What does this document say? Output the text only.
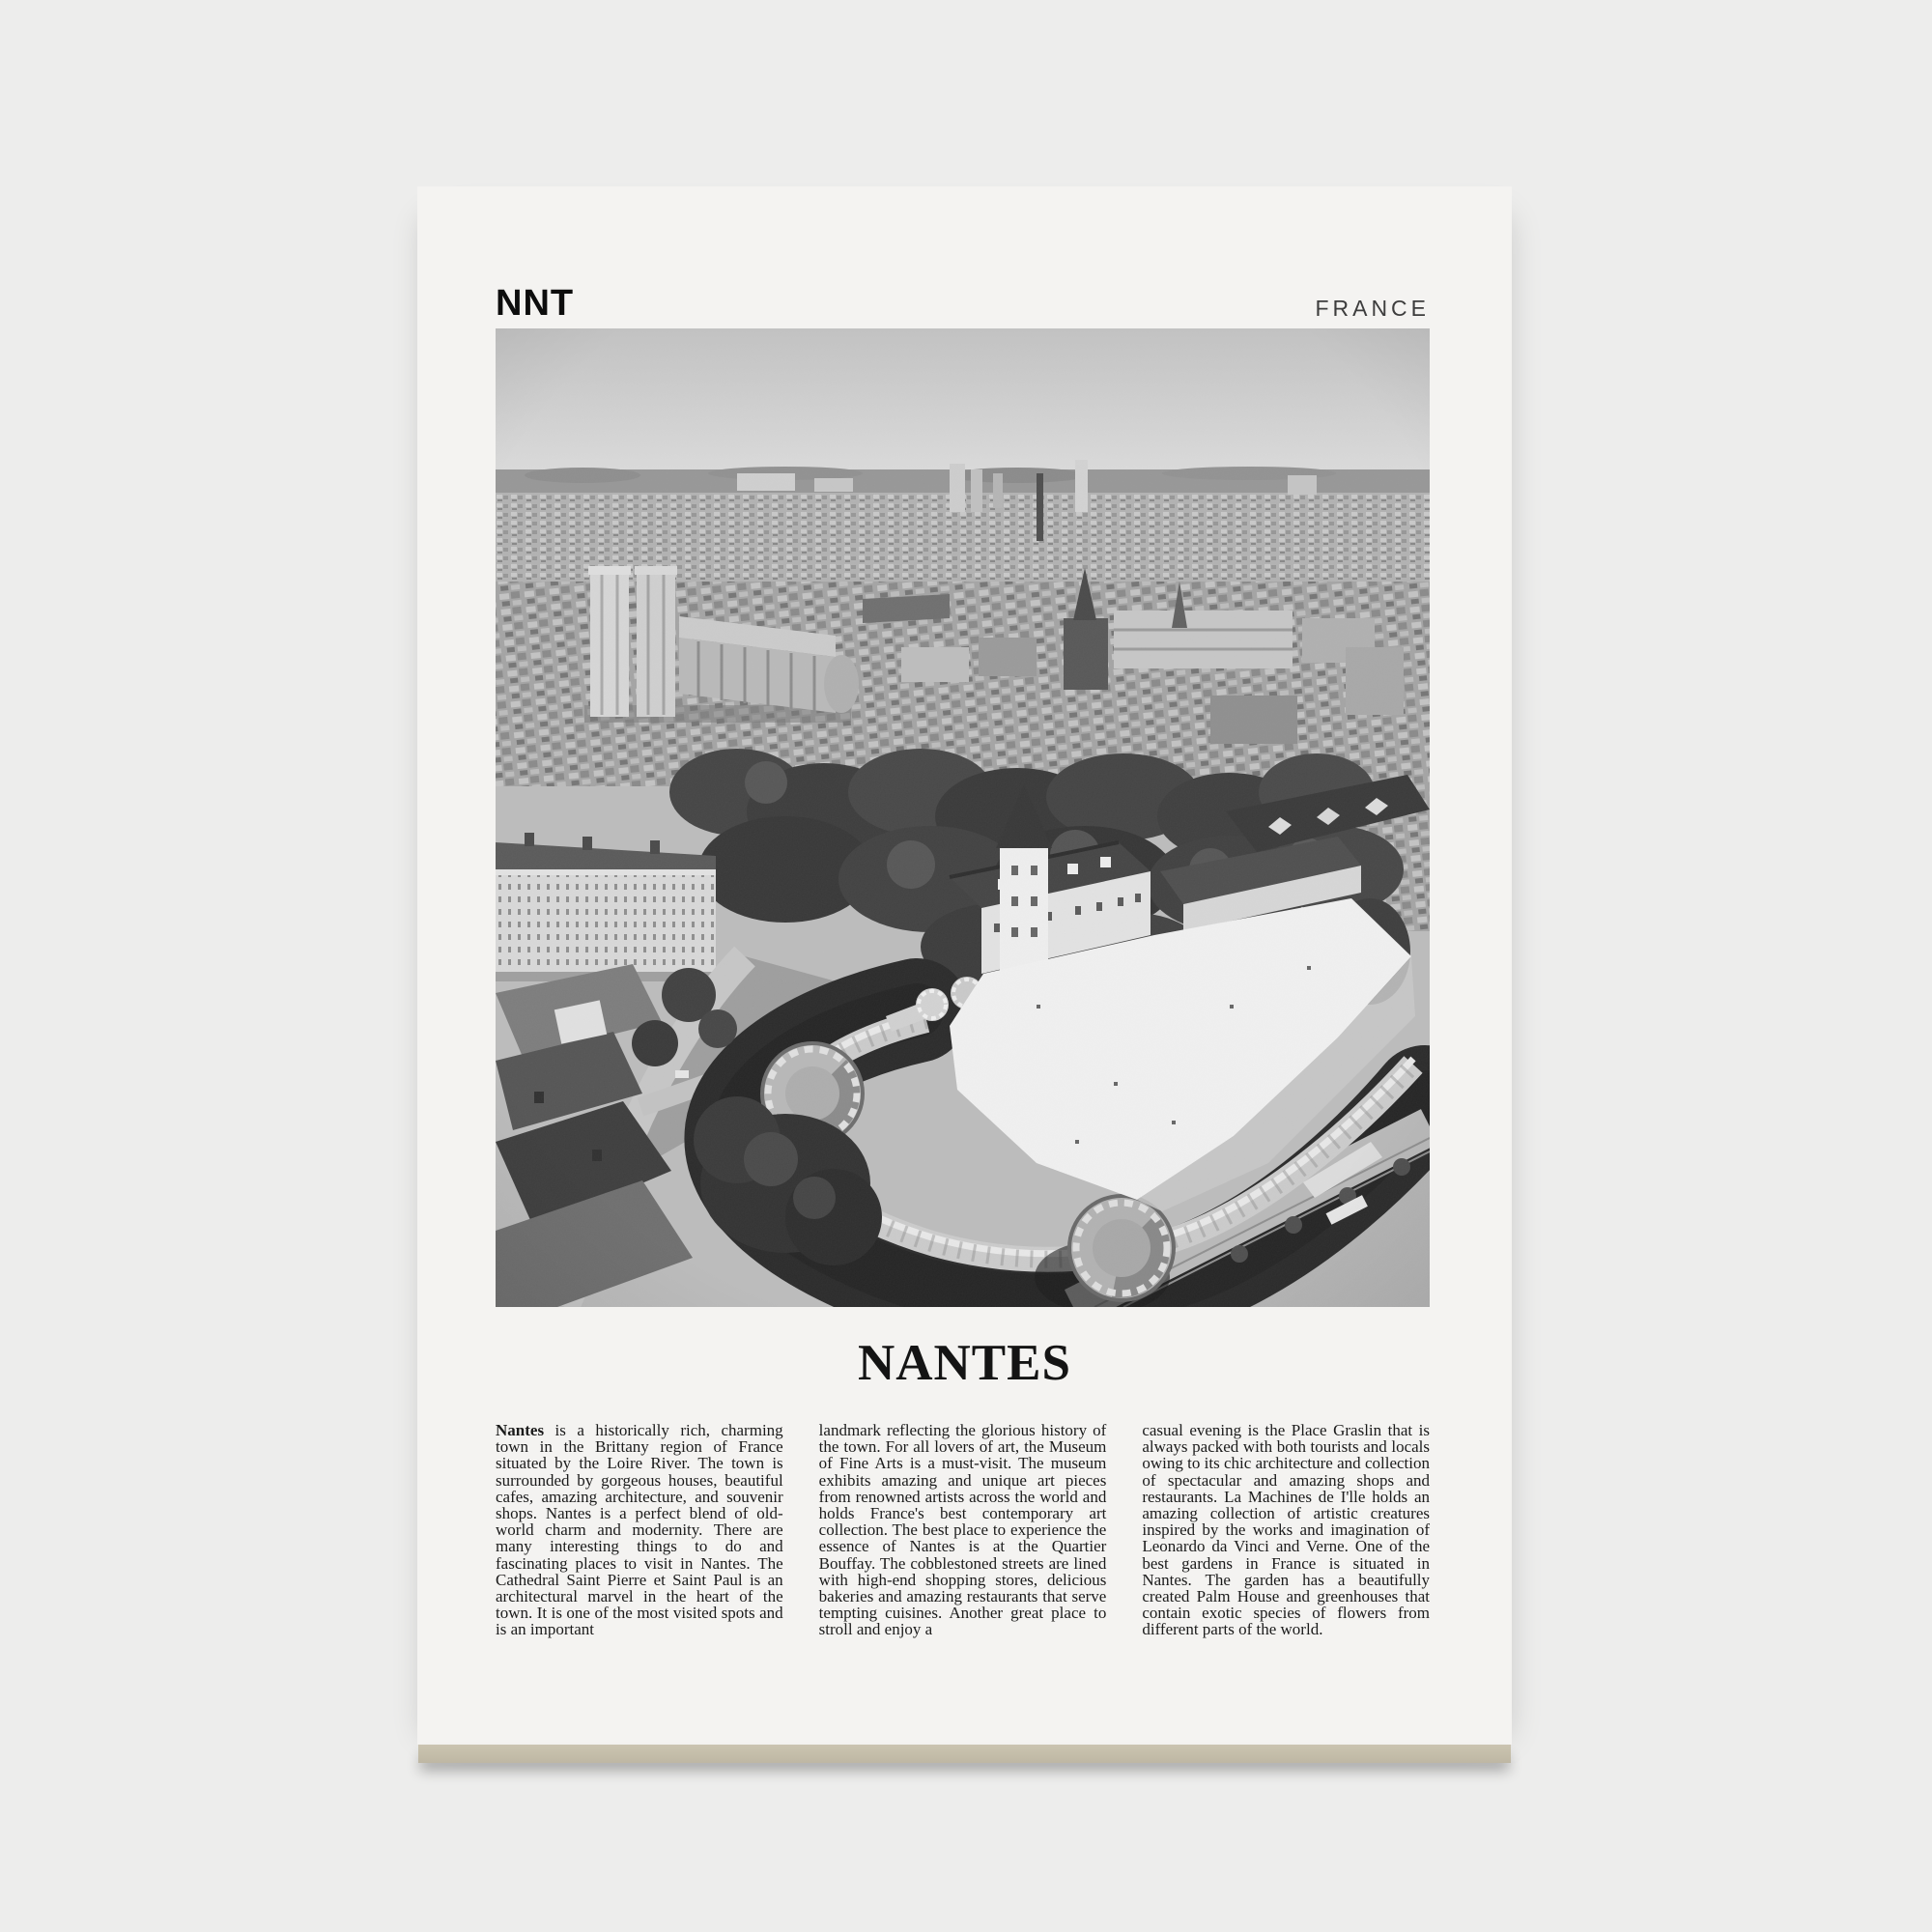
NNT	FRANCE
NANTES

Nantes is a historically rich, charming town in the Brittany region of France situated by the Loire River. The town is surrounded by gorgeous houses, beautiful cafes, amazing architecture, and souvenir shops. Nantes is a perfect blend of old-world charm and modernity. There are many interesting things to do and fascinating places to visit in Nantes. The Cathedral Saint Pierre et Saint Paul is an architectural marvel in the heart of the town. It is one of the most visited spots and is an important

landmark reflecting the glorious history of the town. For all lovers of art, the Museum of Fine Arts is a must-visit. The museum exhibits amazing and unique art pieces from renowned artists across the world and holds France's best contemporary art collection. The best place to experience the essence of Nantes is at the Quartier Bouffay. The cobblestoned streets are lined with high-end shopping stores, delicious bakeries and amazing restaurants that serve tempting cuisines. Another great place to stroll and enjoy a

casual evening is the Place Graslin that is always packed with both tourists and locals owing to its chic architecture and collection of spectacular and amazing shops and restaurants. La Machines de I'lle holds an amazing collection of artistic creatures inspired by the works and imagination of Leonardo da Vinci and Verne. One of the best gardens in France is situated in Nantes. The garden has a beautifully created Palm House and greenhouses that contain exotic species of flowers from different parts of the world.
